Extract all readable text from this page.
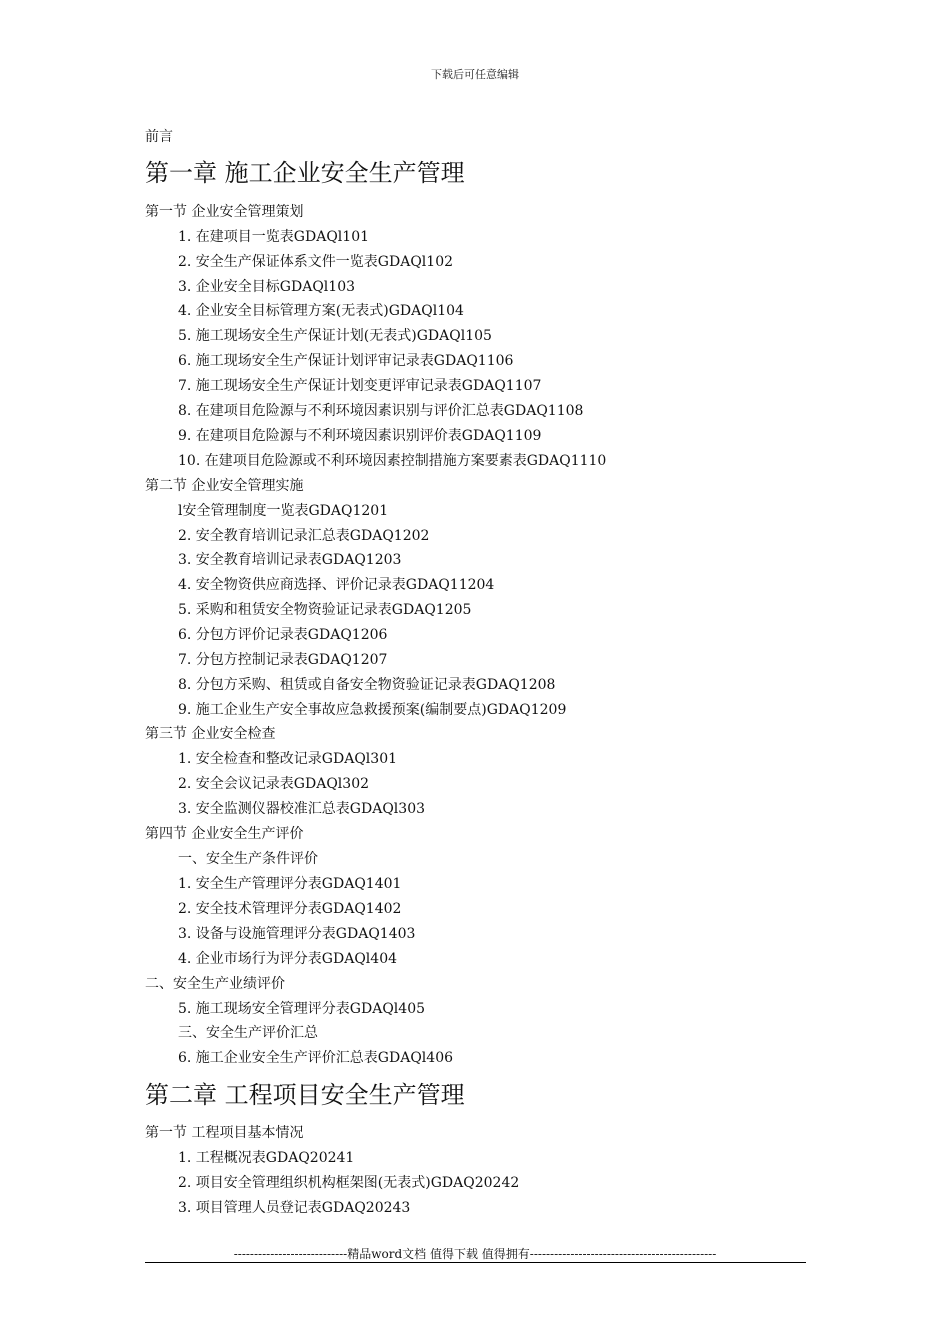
下载后可任意编辑
前言
第一章 施工企业安全生产管理
第一节 企业安全管理策划
1. 在建项目一览表GDAQl101
2. 安全生产保证体系文件一览表GDAQl102
3. 企业安全目标GDAQl103
4. 企业安全目标管理方案(无表式)GDAQl104
5. 施工现场安全生产保证计划(无表式)GDAQl105
6. 施工现场安全生产保证计划评审记录表GDAQ1106
7. 施工现场安全生产保证计划变更评审记录表GDAQ1107
8. 在建项目危险源与不利环境因素识别与评价汇总表GDAQ1108
9. 在建项目危险源与不利环境因素识别评价表GDAQ1109
10. 在建项目危险源或不利环境因素控制措施方案要素表GDAQ1110
第二节 企业安全管理实施
l安全管理制度一览表GDAQ1201
2. 安全教育培训记录汇总表GDAQ1202
3. 安全教育培训记录表GDAQ1203
4. 安全物资供应商选择、评价记录表GDAQ11204
5. 采购和租赁安全物资验证记录表GDAQ1205
6. 分包方评价记录表GDAQ1206
7. 分包方控制记录表GDAQ1207
8. 分包方采购、租赁或自备安全物资验证记录表GDAQ1208
9. 施工企业生产安全事故应急救援预案(编制要点)GDAQ1209
第三节 企业安全检查
1. 安全检查和整改记录GDAQl301
2. 安全会议记录表GDAQl302
3. 安全监测仪器校准汇总表GDAQl303
第四节 企业安全生产评价
一、安全生产条件评价
1. 安全生产管理评分表GDAQ1401
2. 安全技术管理评分表GDAQ1402
3. 设备与设施管理评分表GDAQ1403
4. 企业市场行为评分表GDAQl404
二、安全生产业绩评价
5. 施工现场安全管理评分表GDAQl405
三、安全生产评价汇总
6. 施工企业安全生产评价汇总表GDAQl406
第二章 工程项目安全生产管理
第一节 工程项目基本情况
1. 工程概况表GDAQ20241
2. 项目安全管理组织机构框架图(无表式)GDAQ20242
3. 项目管理人员登记表GDAQ20243
----------------------------精品word文档 值得下载 值得拥有----------------------------------------------
